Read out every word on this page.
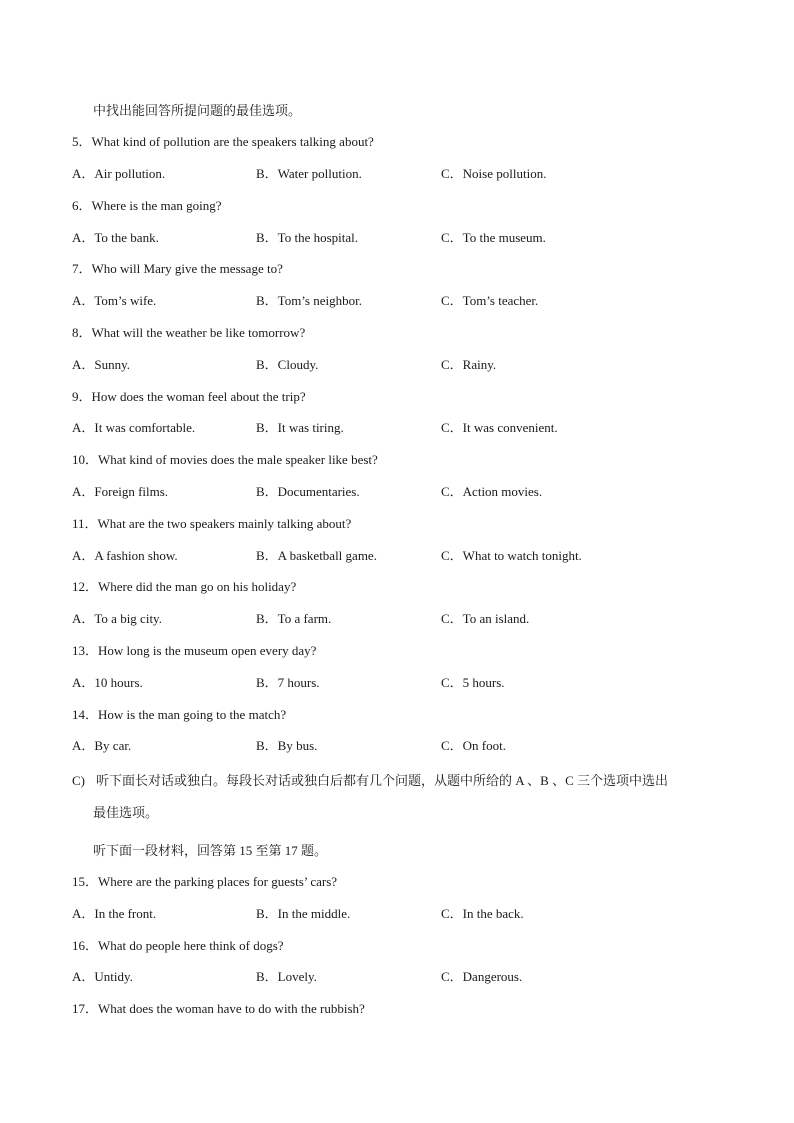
中找出能回答所提问题的最佳选项。
5．What kind of pollution are the speakers talking about?
A．Air pollution.	B．Water pollution.	C．Noise pollution.
6．Where is the man going?
A．To the bank.	B．To the hospital.	C．To the museum.
7．Who will Mary give the message to?
A．Tom’s wife.	B．Tom’s neighbor.	C．Tom’s teacher.
8．What will the weather be like tomorrow?
A．Sunny.	B．Cloudy.	C．Rainy.
9．How does the woman feel about the trip?
A．It was comfortable.	B．It was tiring.	C．It was convenient.
10．What kind of movies does the male speaker like best?
A．Foreign films.	B．Documentaries.	C．Action movies.
11．What are the two speakers mainly talking about?
A．A fashion show.	B．A basketball game.	C．What to watch tonight.
12．Where did the man go on his holiday?
A．To a big city.	B．To a farm.	C．To an island.
13．How long is the museum open every day?
A．10 hours.	B．7 hours.	C．5 hours.
14．How is the man going to the match?
A．By car.	B．By bus.	C．On foot.
C) 听下面长对话或独白。每段长对话或独白后都有几个问题，从题中所给的 A 、B 、C 三个选项中选出
最佳选项。
听下面一段材料，回答第 15 至第 17 题。
15．Where are the parking places for guests’ cars?
A．In the front.	B．In the middle.	C．In the back.
16．What do people here think of dogs?
A．Untidy.	B．Lovely.	C．Dangerous.
17．What does the woman have to do with the rubbish?
